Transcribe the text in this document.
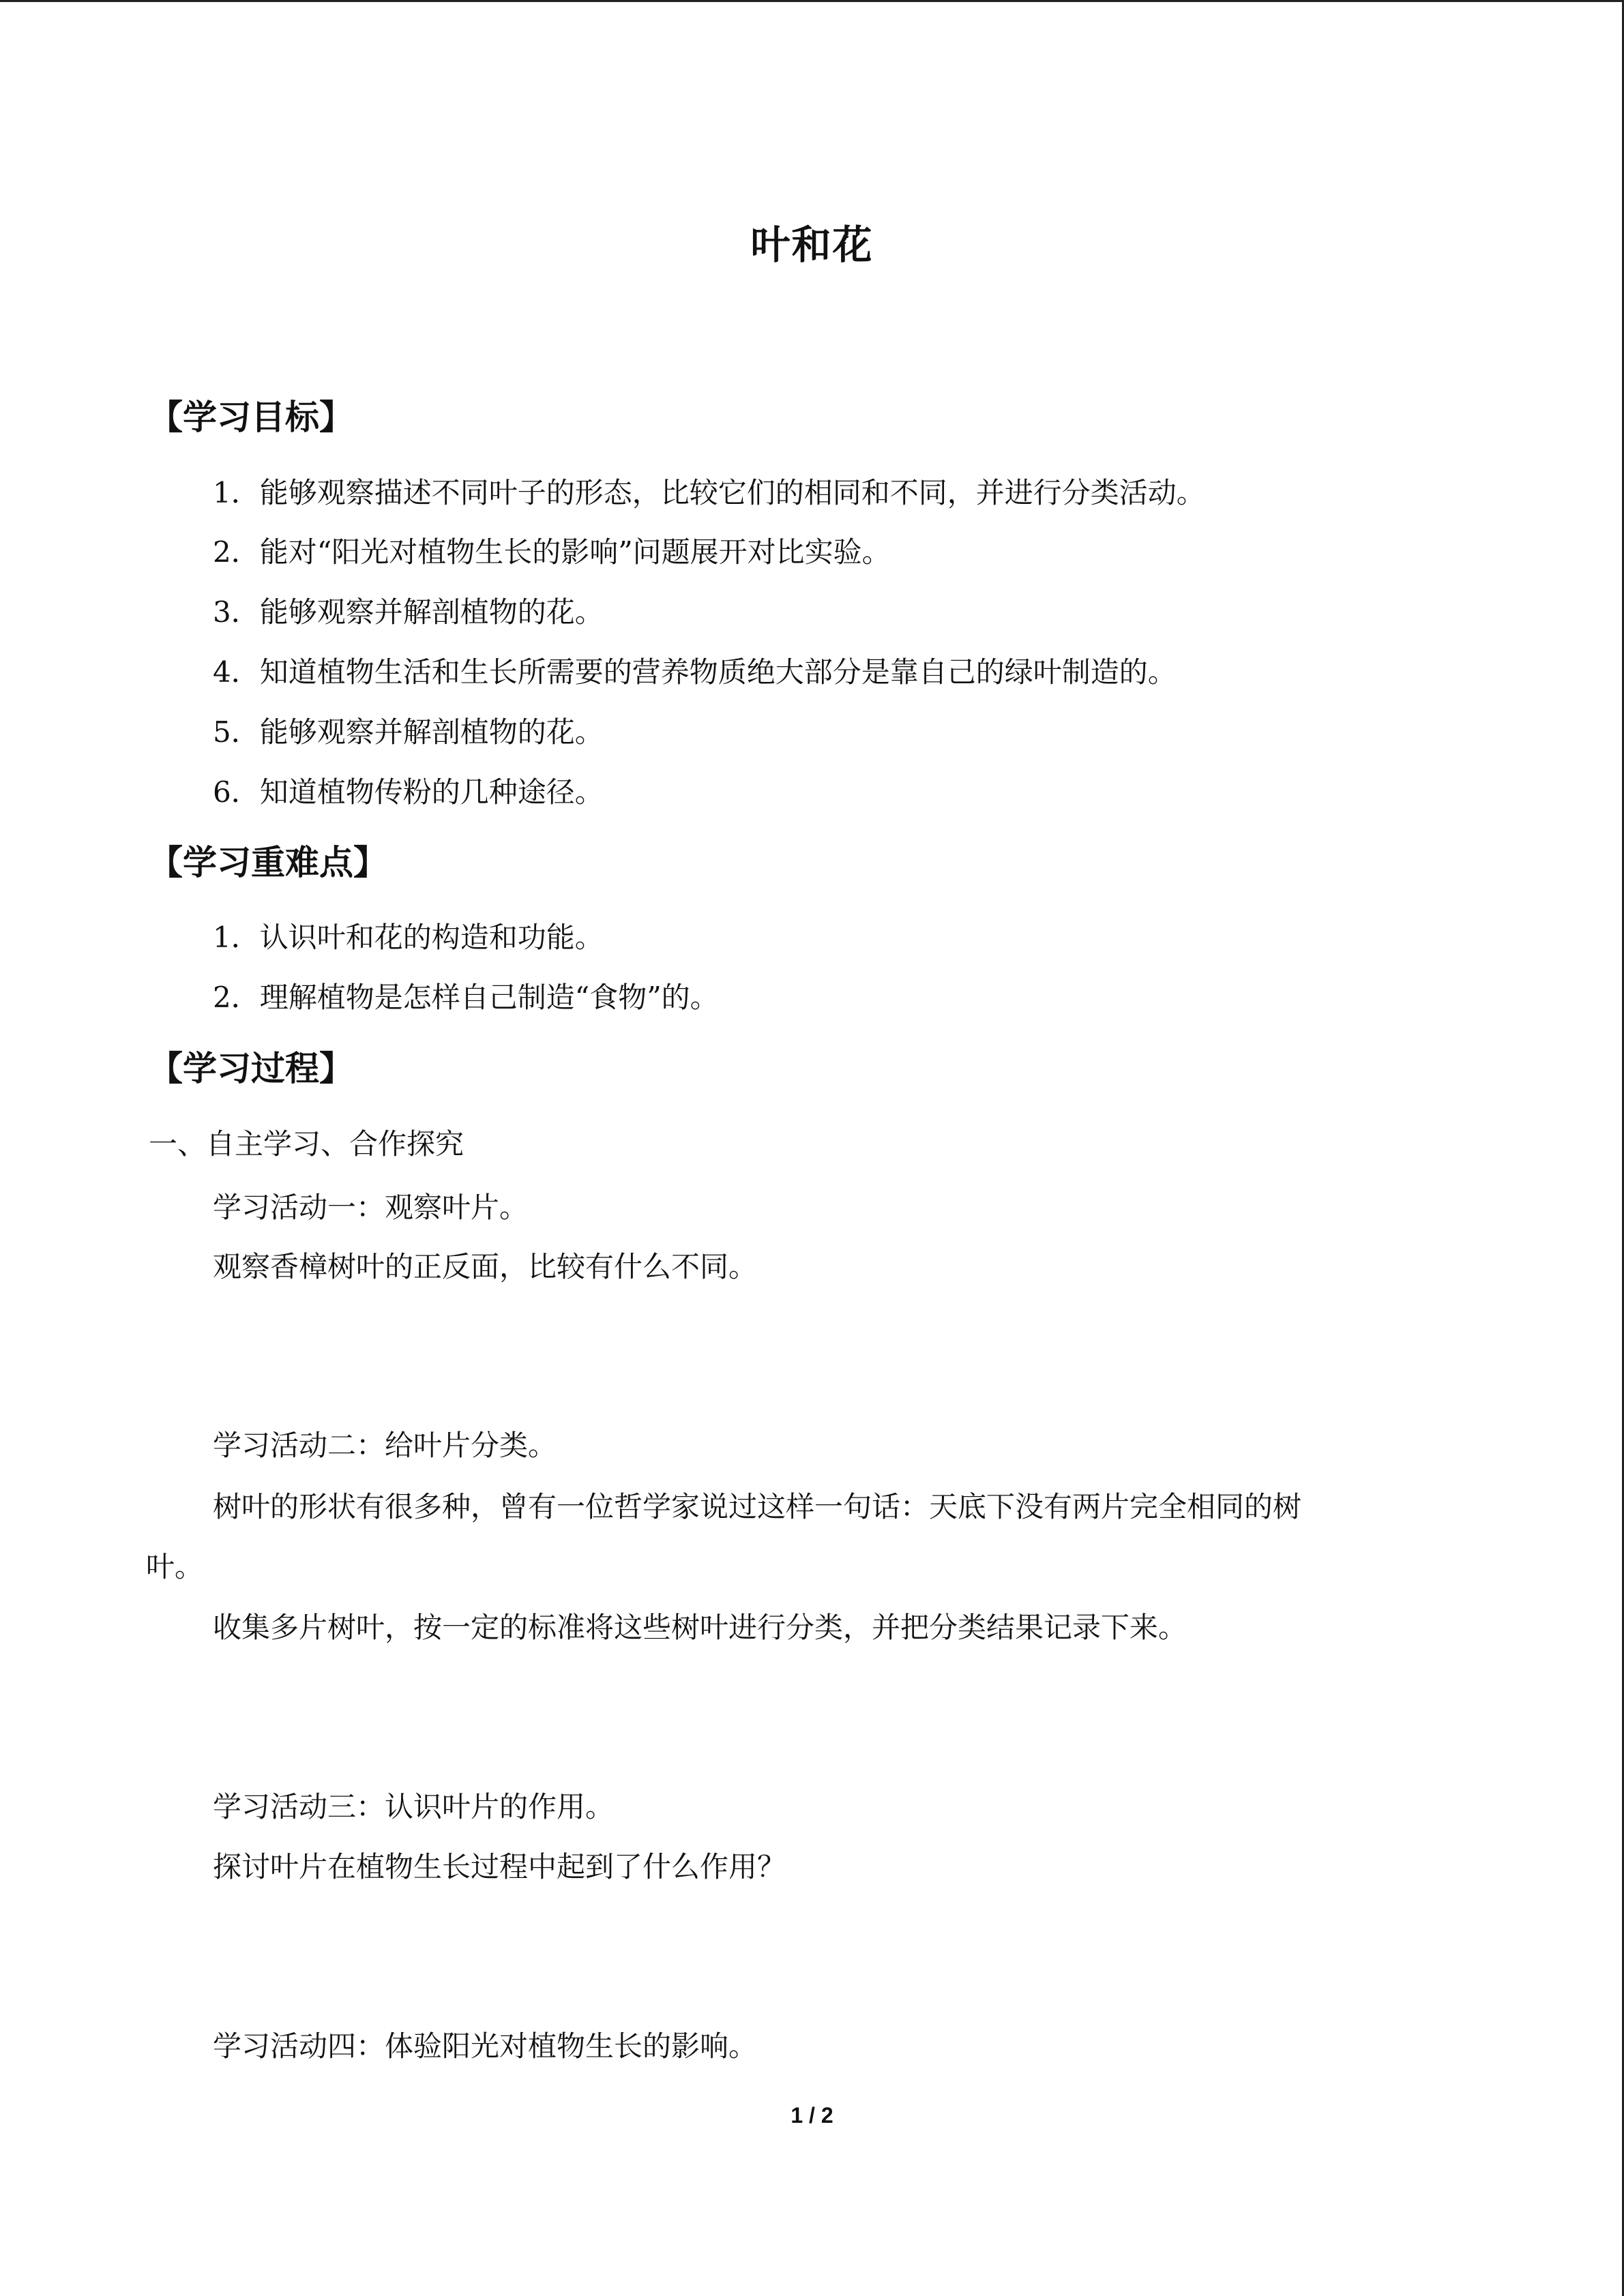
叶和花
【学习目标】
1．能够观察描述不同叶子的形态，比较它们的相同和不同，并进行分类活动。
2．能对“阳光对植物生长的影响”问题展开对比实验。
3．能够观察并解剖植物的花。
4．知道植物生活和生长所需要的营养物质绝大部分是靠自己的绿叶制造的。
5．能够观察并解剖植物的花。
6．知道植物传粉的几种途径。
【学习重难点】
1．认识叶和花的构造和功能。
2．理解植物是怎样自己制造“食物”的。
【学习过程】
一、自主学习、合作探究
学习活动一：观察叶片。
观察香樟树叶的正反面，比较有什么不同。
学习活动二：给叶片分类。
树叶的形状有很多种，曾有一位哲学家说过这样一句话：天底下没有两片完全相同的树
叶。
收集多片树叶，按一定的标准将这些树叶进行分类，并把分类结果记录下来。
学习活动三：认识叶片的作用。
探讨叶片在植物生长过程中起到了什么作用？
学习活动四：体验阳光对植物生长的影响。
1 / 2
